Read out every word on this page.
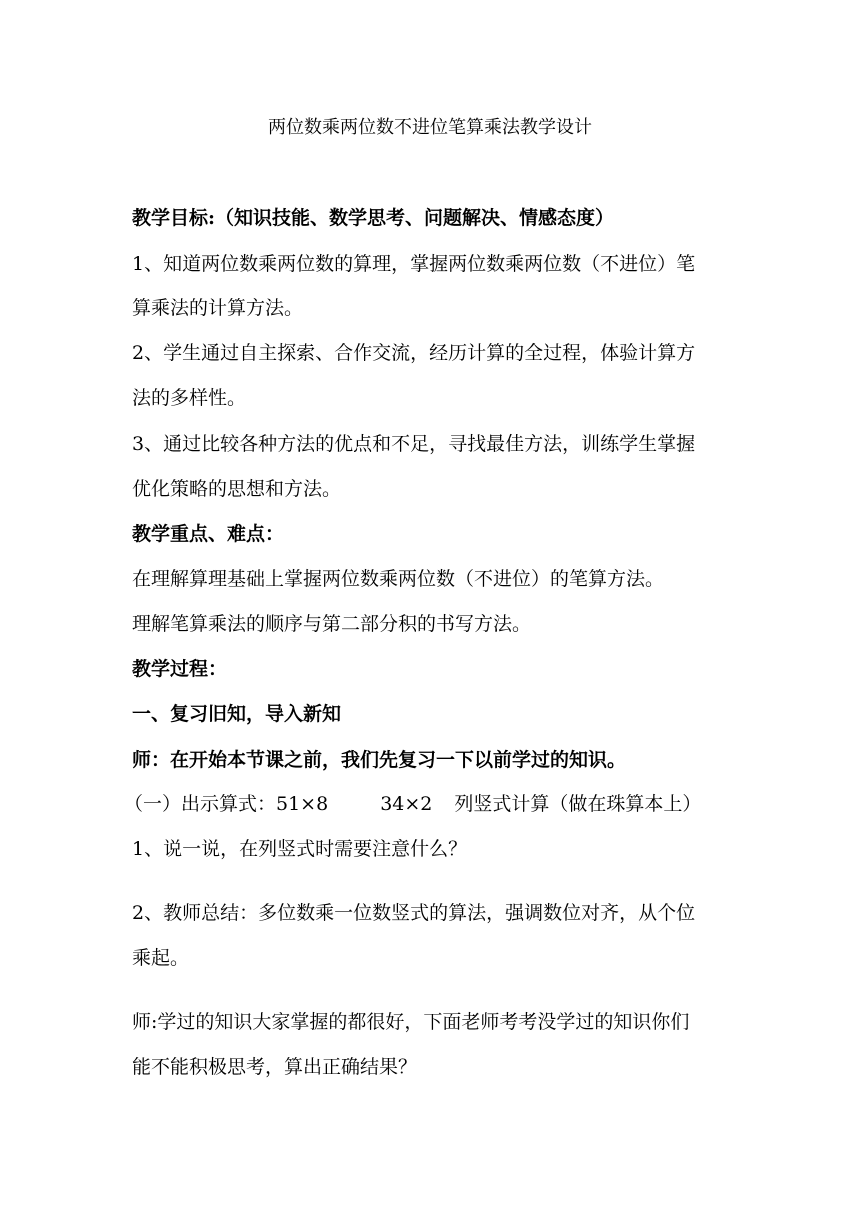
两位数乘两位数不进位笔算乘法教学设计
教学目标:（知识技能、数学思考、问题解决、情感态度）
1、知道两位数乘两位数的算理，掌握两位数乘两位数（不进位）笔
算乘法的计算方法。
2、学生通过自主探索、合作交流，经历计算的全过程，体验计算方
法的多样性。
3、通过比较各种方法的优点和不足，寻找最佳方法，训练学生掌握
优化策略的思想和方法。
教学重点、难点：
在理解算理基础上掌握两位数乘两位数（不进位）的笔算方法。
理解笔算乘法的顺序与第二部分积的书写方法。
教学过程：
一、复习旧知，导入新知
师：在开始本节课之前，我们先复习一下以前学过的知识。
（一）出示算式：51×8	34×2 列竖式计算（做在珠算本上）
1、说一说，在列竖式时需要注意什么？
2、教师总结：多位数乘一位数竖式的算法，强调数位对齐，从个位
乘起。
师:学过的知识大家掌握的都很好，下面老师考考没学过的知识你们
能不能积极思考，算出正确结果？
